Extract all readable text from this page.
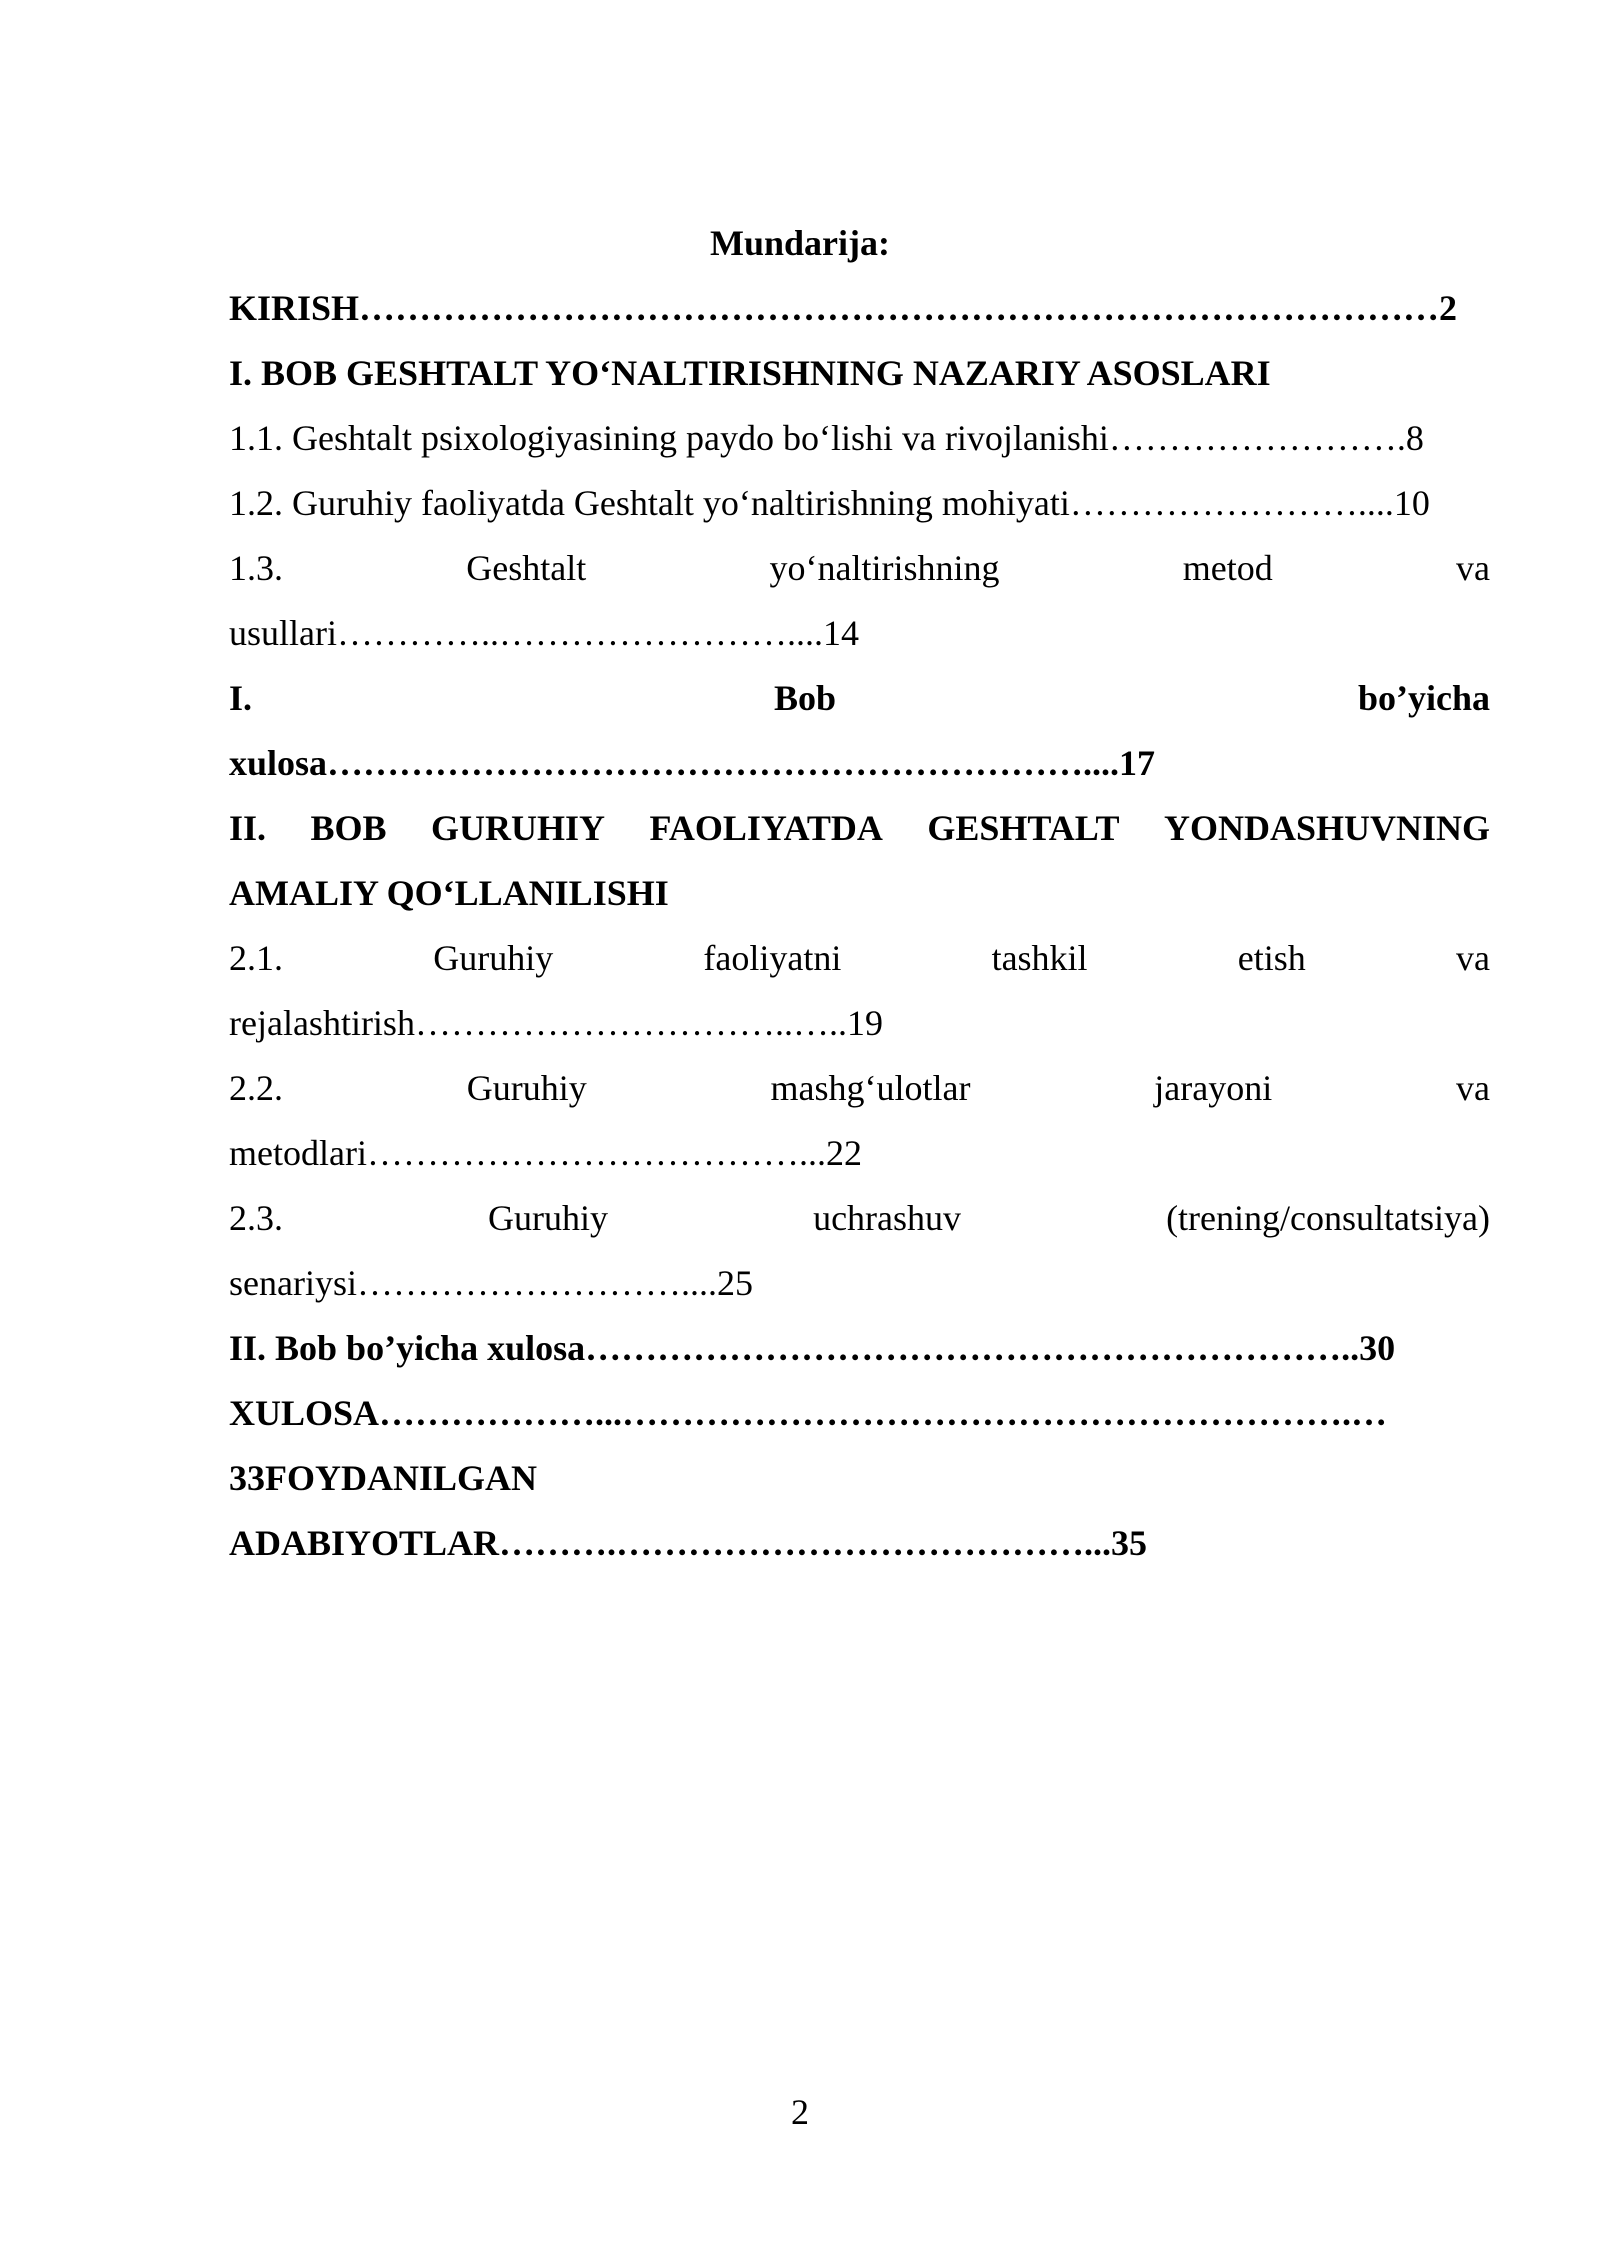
Mundarija:
KIRISH………………………………………………………………………………2
I. BOB GESHTALT YO‘NALTIRISHNING NAZARIY ASOSLARI
1.1. Geshtalt psixologiyasining paydo bo‘lishi va rivojlanishi…………………….8
1.2. Guruhiy faoliyatda Geshtalt yo‘naltirishning mohiyati……………………....10
1.3.	Geshtalt	yo‘naltirishning	metod	va
usullari…………..……………………....14
I.	Bob	bo’yicha
xulosa………………………………………………………....17
II. BOB GURUHIY FAOLIYATDA GESHTALT YONDASHUVNING
AMALIY QO‘LLANILISHI
2.1.	Guruhiy	faoliyatni	tashkil	etish	va
rejalashtirish…………………………..…..19
2.2.	Guruhiy	mashg‘ulotlar	jarayoni	va
metodlari………………………………...22
2.3.	Guruhiy	uchrashuv	(trening/consultatsiya)
senariysi………………………....25
II. Bob bo’yicha xulosa………………………………………………………..30
XULOSA………………...…………………………………………………….…
33FOYDANILGAN
ADABIYOTLAR……….…………………………………...35
2
